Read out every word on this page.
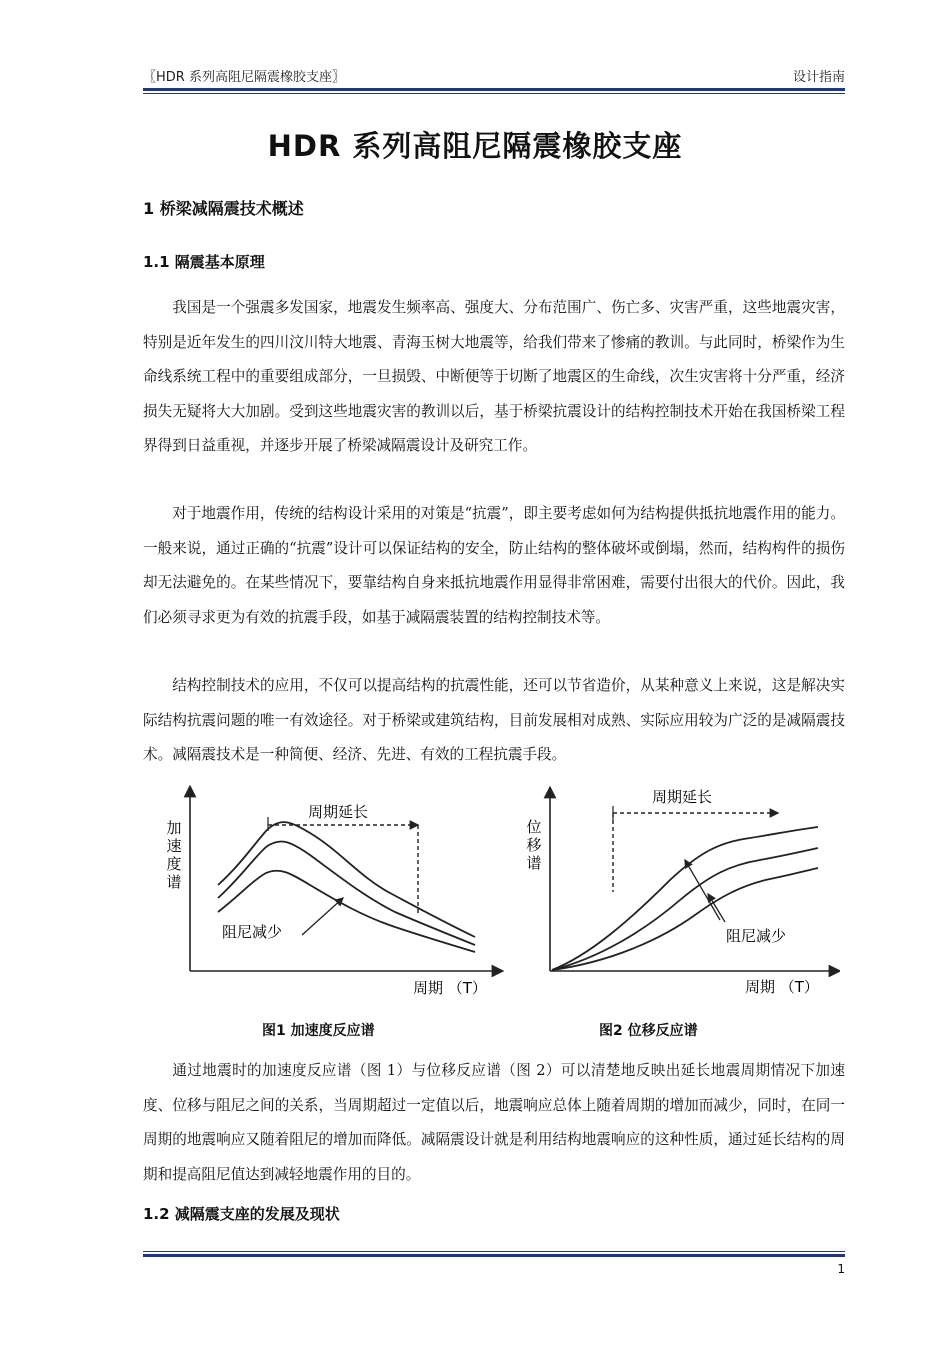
〖HDR 系列高阻尼隔震橡胶支座〗	设计指南
HDR 系列高阻尼隔震橡胶支座
1 桥梁减隔震技术概述
1.1 隔震基本原理

我国是一个强震多发国家，地震发生频率高、强度大、分布范围广、伤亡多、灾害严重，这些地震灾害，特别是近年发生的四川汶川特大地震、青海玉树大地震等，给我们带来了惨痛的教训。与此同时，桥梁作为生命线系统工程中的重要组成部分，一旦损毁、中断便等于切断了地震区的生命线，次生灾害将十分严重，经济损失无疑将大大加剧。受到这些地震灾害的教训以后，基于桥梁抗震设计的结构控制技术开始在我国桥梁工程界得到日益重视，并逐步开展了桥梁减隔震设计及研究工作。

对于地震作用，传统的结构设计采用的对策是“抗震”，即主要考虑如何为结构提供抵抗地震作用的能力。一般来说，通过正确的“抗震”设计可以保证结构的安全，防止结构的整体破坏或倒塌，然而，结构构件的损伤却无法避免的。在某些情况下，要靠结构自身来抵抗地震作用显得非常困难，需要付出很大的代价。因此，我们必须寻求更为有效的抗震手段，如基于减隔震装置的结构控制技术等。

结构控制技术的应用，不仅可以提高结构的抗震性能，还可以节省造价，从某种意义上来说，这是解决实际结构抗震问题的唯一有效途径。对于桥梁或建筑结构，目前发展相对成熟、实际应用较为广泛的是减隔震技术。减隔震技术是一种简便、经济、先进、有效的工程抗震手段。

加
速
度
谱
周期延长
阻尼减少
周期 （T）
图1 加速度反应谱
位
移
谱
周期延长
阻尼减少
周期 （T）
图2 位移反应谱

通过地震时的加速度反应谱（图 1）与位移反应谱（图 2）可以清楚地反映出延长地震周期情况下加速度、位移与阻尼之间的关系，当周期超过一定值以后，地震响应总体上随着周期的增加而减少，同时，在同一周期的地震响应又随着阻尼的增加而降低。减隔震设计就是利用结构地震响应的这种性质，通过延长结构的周期和提高阻尼值达到减轻地震作用的目的。

1.2 减隔震支座的发展及现状
1
